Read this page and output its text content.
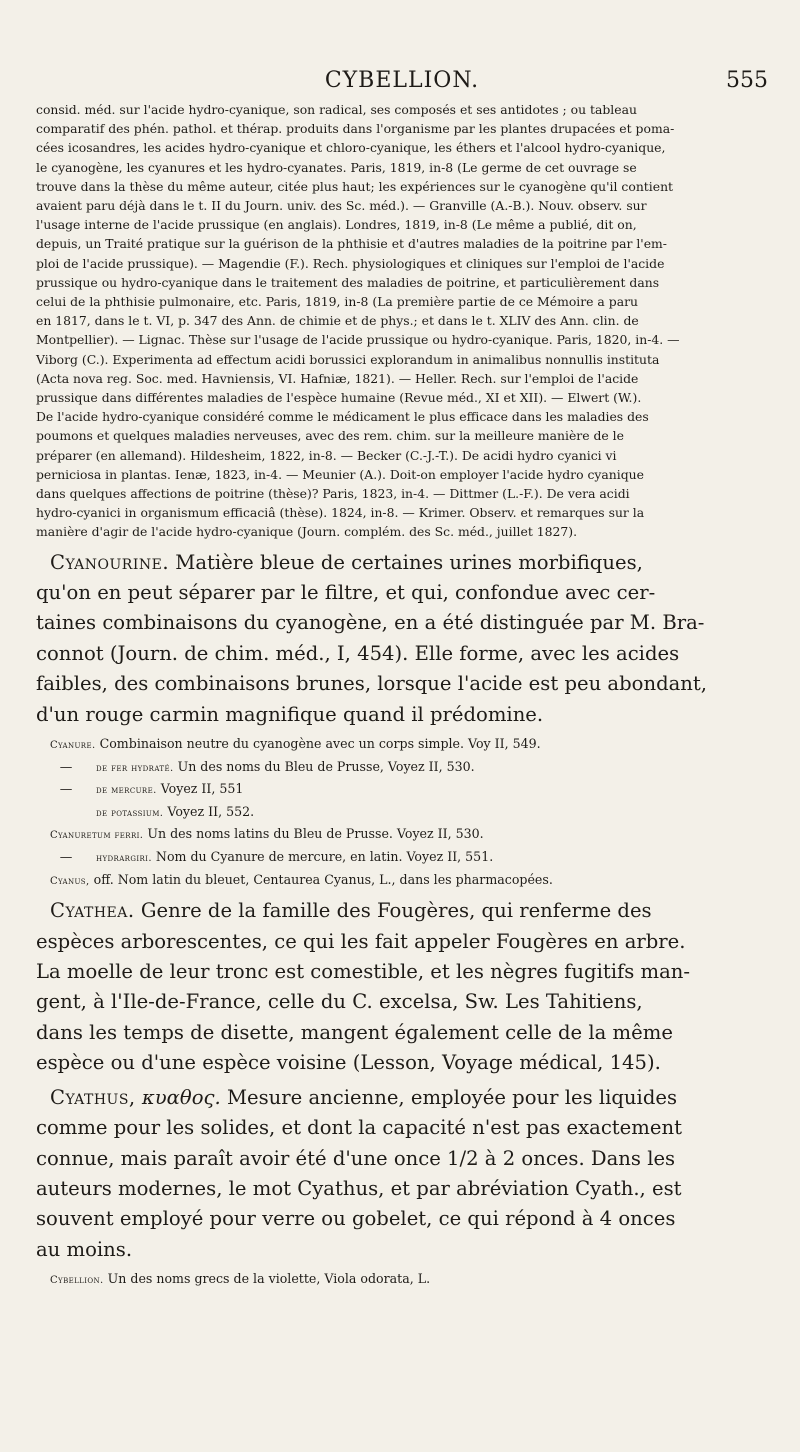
CYBELLION.	555

consid. méd. sur l'acide hydro-cyanique, son radical, ses composés et ses antidotes ; ou tableau

comparatif des phén. pathol. et thérap. produits dans l'organisme par les plantes drupacées et poma-

cées icosandres, les acides hydro-cyanique et chloro-cyanique, les éthers et l'alcool hydro-cyanique,

le cyanogène, les cyanures et les hydro-cyanates. Paris, 1819, in-8 (Le germe de cet ouvrage se

trouve dans la thèse du même auteur, citée plus haut; les expériences sur le cyanogène qu'il contient

avaient paru déjà dans le t. II du Journ. univ. des Sc. méd.). — Granville (A.-B.). Nouv. observ. sur

l'usage interne de l'acide prussique (en anglais). Londres, 1819, in-8 (Le même a publié, dit on,

depuis, un Traité pratique sur la guérison de la phthisie et d'autres maladies de la poitrine par l'em-

ploi de l'acide prussique). — Magendie (F.). Rech. physiologiques et cliniques sur l'emploi de l'acide

prussique ou hydro-cyanique dans le traitement des maladies de poitrine, et particulièrement dans

celui de la phthisie pulmonaire, etc. Paris, 1819, in-8 (La première partie de ce Mémoire a paru

en 1817, dans le t. VI, p. 347 des Ann. de chimie et de phys.; et dans le t. XLIV des Ann. clin. de

Montpellier). — Lignac. Thèse sur l'usage de l'acide prussique ou hydro-cyanique. Paris, 1820, in-4. —

Viborg (C.). Experimenta ad effectum acidi borussici explorandum in animalibus nonnullis instituta

(Acta nova reg. Soc. med. Havniensis, VI. Hafniæ, 1821). — Heller. Rech. sur l'emploi de l'acide

prussique dans différentes maladies de l'espèce humaine (Revue méd., XI et XII). — Elwert (W.).

De l'acide hydro-cyanique considéré comme le médicament le plus efficace dans les maladies des

poumons et quelques maladies nerveuses, avec des rem. chim. sur la meilleure manière de le

préparer (en allemand). Hildesheim, 1822, in-8. — Becker (C.-J.-T.). De acidi hydro cyanici vi

perniciosa in plantas. Ienæ, 1823, in-4. — Meunier (A.). Doit-on employer l'acide hydro cyanique

dans quelques affections de poitrine (thèse)? Paris, 1823, in-4. — Dittmer (L.-F.). De vera acidi

hydro-cyanici in organismum efficaciâ (thèse). 1824, in-8. — Krimer. Observ. et remarques sur la

manière d'agir de l'acide hydro-cyanique (Journ. complém. des Sc. méd., juillet 1827).

Cyanourine. Matière bleue de certaines urines morbifiques,

qu'on en peut séparer par le filtre, et qui, confondue avec cer-

taines combinaisons du cyanogène, en a été distinguée par M. Bra-

connot (Journ. de chim. méd., I, 454). Elle forme, avec les acides

faibles, des combinaisons brunes, lorsque l'acide est peu abondant,

d'un rouge carmin magnifique quand il prédomine.

Cyanure. Combinaison neutre du cyanogène avec un corps simple. Voy II, 549.

— de fer hydraté. Un des noms du Bleu de Prusse, Voyez II, 530.

— de mercure. Voyez II, 551

de potassium. Voyez II, 552.

Cyanuretum ferri. Un des noms latins du Bleu de Prusse. Voyez II, 530.

— hydrargiri. Nom du Cyanure de mercure, en latin. Voyez II, 551.

Cyanus, off. Nom latin du bleuet, Centaurea Cyanus, L., dans les pharmacopées.

Cyathea. Genre de la famille des Fougères, qui renferme des

espèces arborescentes, ce qui les fait appeler Fougères en arbre.

La moelle de leur tronc est comestible, et les nègres fugitifs man-

gent, à l'Ile-de-France, celle du C. excelsa, Sw. Les Tahitiens,

dans les temps de disette, mangent également celle de la même

espèce ou d'une espèce voisine (Lesson, Voyage médical, 145).

Cyathus, κυαθος. Mesure ancienne, employée pour les liquides

comme pour les solides, et dont la capacité n'est pas exactement

connue, mais paraît avoir été d'une once 1/2 à 2 onces. Dans les

auteurs modernes, le mot Cyathus, et par abréviation Cyath., est

souvent employé pour verre ou gobelet, ce qui répond à 4 onces

au moins.

Cybellion. Un des noms grecs de la violette, Viola odorata, L.
